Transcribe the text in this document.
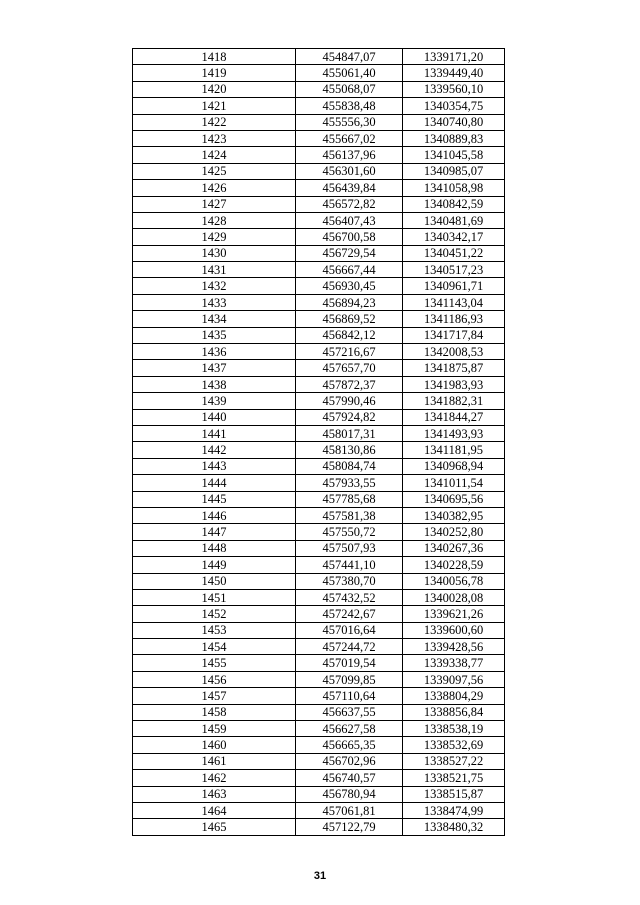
1418	454847,07	1339171,20
1419	455061,40	1339449,40
1420	455068,07	1339560,10
1421	455838,48	1340354,75
1422	455556,30	1340740,80
1423	455667,02	1340889,83
1424	456137,96	1341045,58
1425	456301,60	1340985,07
1426	456439,84	1341058,98
1427	456572,82	1340842,59
1428	456407,43	1340481,69
1429	456700,58	1340342,17
1430	456729,54	1340451,22
1431	456667,44	1340517,23
1432	456930,45	1340961,71
1433	456894,23	1341143,04
1434	456869,52	1341186,93
1435	456842,12	1341717,84
1436	457216,67	1342008,53
1437	457657,70	1341875,87
1438	457872,37	1341983,93
1439	457990,46	1341882,31
1440	457924,82	1341844,27
1441	458017,31	1341493,93
1442	458130,86	1341181,95
1443	458084,74	1340968,94
1444	457933,55	1341011,54
1445	457785,68	1340695,56
1446	457581,38	1340382,95
1447	457550,72	1340252,80
1448	457507,93	1340267,36
1449	457441,10	1340228,59
1450	457380,70	1340056,78
1451	457432,52	1340028,08
1452	457242,67	1339621,26
1453	457016,64	1339600,60
1454	457244,72	1339428,56
1455	457019,54	1339338,77
1456	457099,85	1339097,56
1457	457110,64	1338804,29
1458	456637,55	1338856,84
1459	456627,58	1338538,19
1460	456665,35	1338532,69
1461	456702,96	1338527,22
1462	456740,57	1338521,75
1463	456780,94	1338515,87
1464	457061,81	1338474,99
1465	457122,79	1338480,32
31
